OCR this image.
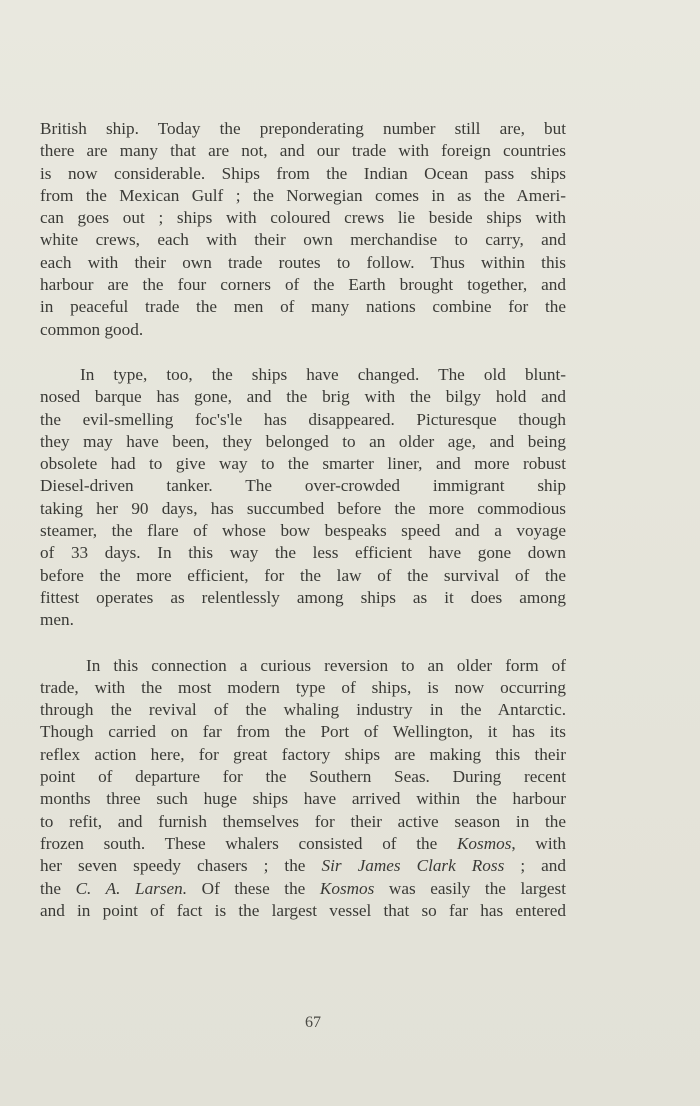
British ship. Today the preponderating number still are, but
there are many that are not, and our trade with foreign countries
is now considerable. Ships from the Indian Ocean pass ships
from the Mexican Gulf ; the Norwegian comes in as the Ameri-
can goes out ; ships with coloured crews lie beside ships with
white crews, each with their own merchandise to carry, and
each with their own trade routes to follow. Thus within this
harbour are the four corners of the Earth brought together, and
in peaceful trade the men of many nations combine for the
common good.

In type, too, the ships have changed. The old blunt-
nosed barque has gone, and the brig with the bilgy hold and
the evil-smelling foc's'le has disappeared. Picturesque though
they may have been, they belonged to an older age, and being
obsolete had to give way to the smarter liner, and more robust
Diesel-driven tanker. The over-crowded immigrant ship
taking her 90 days, has succumbed before the more commodious
steamer, the flare of whose bow bespeaks speed and a voyage
of 33 days. In this way the less efficient have gone down
before the more efficient, for the law of the survival of the
fittest operates as relentlessly among ships as it does among
men.

In this connection a curious reversion to an older form of
trade, with the most modern type of ships, is now occurring
through the revival of the whaling industry in the Antarctic.
Though carried on far from the Port of Wellington, it has its
reflex action here, for great factory ships are making this their
point of departure for the Southern Seas. During recent
months three such huge ships have arrived within the harbour
to refit, and furnish themselves for their active season in the
frozen south. These whalers consisted of the Kosmos, with
her seven speedy chasers ; the Sir James Clark Ross ; and
the C. A. Larsen. Of these the Kosmos was easily the largest
and in point of fact is the largest vessel that so far has entered

67
